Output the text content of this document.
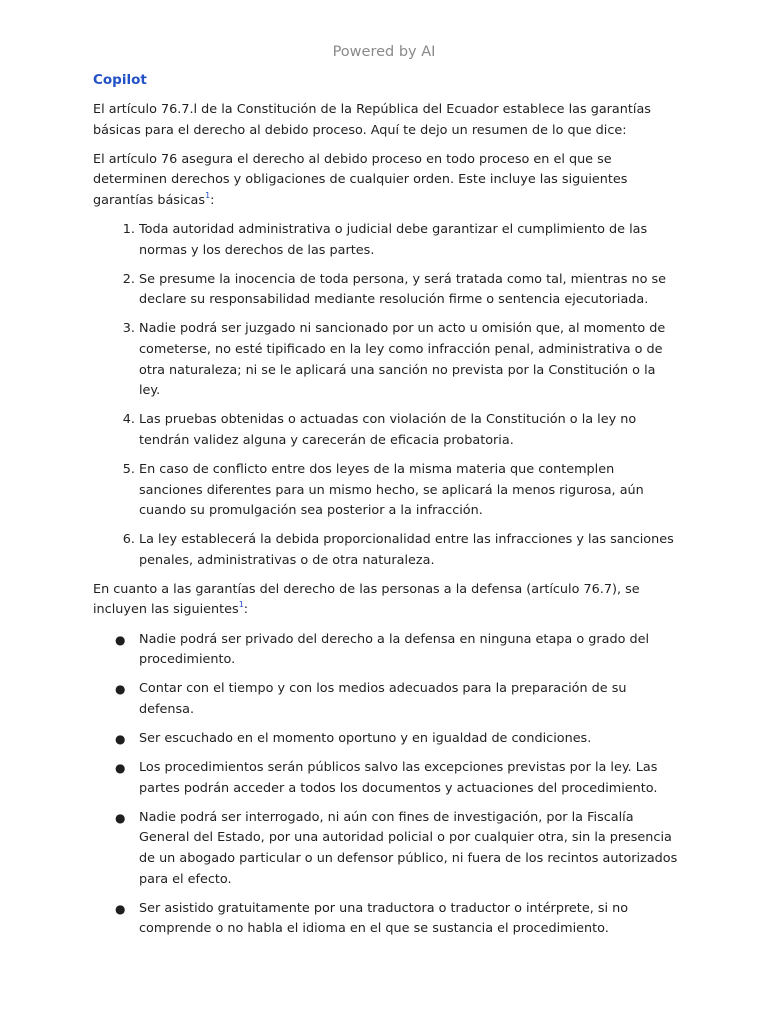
Powered by AI
Copilot

El artículo 76.7.l de la Constitución de la República del Ecuador establece las garantías básicas para el derecho al debido proceso. Aquí te dejo un resumen de lo que dice:

El artículo 76 asegura el derecho al debido proceso en todo proceso en el que se determinen derechos y obligaciones de cualquier orden. Este incluye las siguientes garantías básicas$^1$:

1. Toda autoridad administrativa o judicial debe garantizar el cumplimiento de las normas y los derechos de las partes.
2. Se presume la inocencia de toda persona, y será tratada como tal, mientras no se declare su responsabilidad mediante resolución firme o sentencia ejecutoriada.
3. Nadie podrá ser juzgado ni sancionado por un acto u omisión que, al momento de cometerse, no esté tipificado en la ley como infracción penal, administrativa o de otra naturaleza; ni se le aplicará una sanción no prevista por la Constitución o la ley.
4. Las pruebas obtenidas o actuadas con violación de la Constitución o la ley no tendrán validez alguna y carecerán de eficacia probatoria.
5. En caso de conflicto entre dos leyes de la misma materia que contemplen sanciones diferentes para un mismo hecho, se aplicará la menos rigurosa, aún cuando su promulgación sea posterior a la infracción.
6. La ley establecerá la debida proporcionalidad entre las infracciones y las sanciones penales, administrativas o de otra naturaleza.

En cuanto a las garantías del derecho de las personas a la defensa (artículo 76.7), se incluyen las siguientes$^1$:

● Nadie podrá ser privado del derecho a la defensa en ninguna etapa o grado del procedimiento.
● Contar con el tiempo y con los medios adecuados para la preparación de su defensa.
● Ser escuchado en el momento oportuno y en igualdad de condiciones.
● Los procedimientos serán públicos salvo las excepciones previstas por la ley. Las partes podrán acceder a todos los documentos y actuaciones del procedimiento.
● Nadie podrá ser interrogado, ni aún con fines de investigación, por la Fiscalía General del Estado, por una autoridad policial o por cualquier otra, sin la presencia de un abogado particular o un defensor público, ni fuera de los recintos autorizados para el efecto.
● Ser asistido gratuitamente por una traductora o traductor o intérprete, si no comprende o no habla el idioma en el que se sustancia el procedimiento.
